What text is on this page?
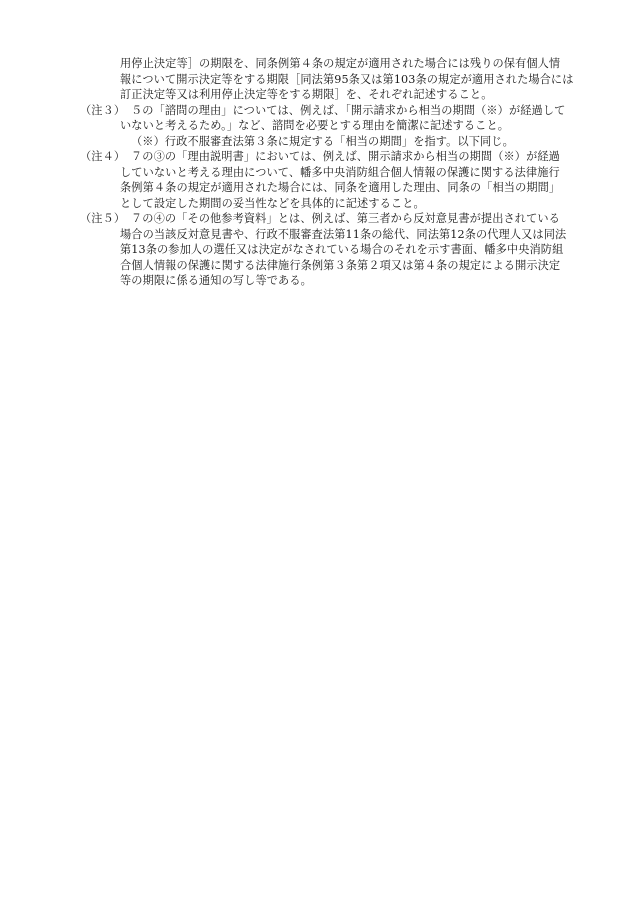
用停止決定等］の期限を、同条例第４条の規定が適用された場合には残りの保有個人情
報について開示決定等をする期限［同法第95条又は第103条の規定が適用された場合には
訂正決定等又は利用停止決定等をする期限］を、それぞれ記述すること。
（注３） ５の「諮問の理由」については、例えば、「開示請求から相当の期間（※）が経過して
いないと考えるため。」など、諮問を必要とする理由を簡潔に記述すること。
（※）行政不服審査法第３条に規定する「相当の期間」を指す。以下同じ。
（注４） ７の③の「理由説明書」においては、例えば、開示請求から相当の期間（※）が経過
していないと考える理由について、幡多中央消防組合個人情報の保護に関する法律施行
条例第４条の規定が適用された場合には、同条を適用した理由、同条の「相当の期間」
として設定した期間の妥当性などを具体的に記述すること。
（注５） ７の④の「その他参考資料」とは、例えば、第三者から反対意見書が提出されている
場合の当該反対意見書や、行政不服審査法第11条の総代、同法第12条の代理人又は同法
第13条の参加人の選任又は決定がなされている場合のそれを示す書面、幡多中央消防組
合個人情報の保護に関する法律施行条例第３条第２項又は第４条の規定による開示決定
等の期限に係る通知の写し等である。
